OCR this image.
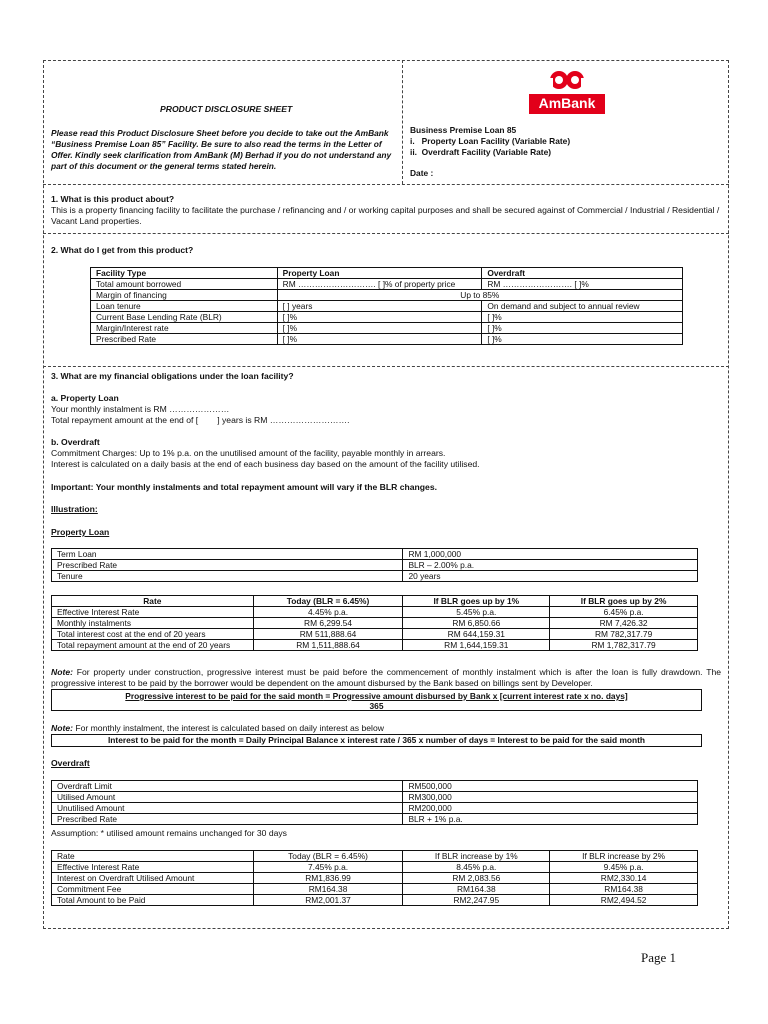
PRODUCT DISCLOSURE SHEET
Please read this Product Disclosure Sheet before you decide to take out the AmBank “Business Premise Loan 85” Facility. Be sure to also read the terms in the Letter of Offer. Kindly seek clarification from AmBank (M) Berhad if you do not understand any part of this document or the general terms stated herein.
AmBank
Business Premise Loan 85
i.   Property Loan Facility (Variable Rate)
ii.  Overdraft Facility (Variable Rate)
Date :
1. What is this product about?
This is a property financing facility to facilitate the purchase / refinancing and / or working capital purposes and shall be secured against of Commercial / Industrial / Residential / Vacant Land properties.
2. What do I get from this product?
Facility Type	Property Loan	Overdraft
Total amount borrowed	RM ………………………. [ ]% of property price	RM ……………………. [ ]%
Margin of financing	Up to 85%	
Loan tenure	[ ] years	On demand and subject to annual review
Current Base Lending Rate (BLR)	[ ]%	[ ]%
Margin/Interest rate	[ ]%	[ ]%
Prescribed Rate	[ ]%	[ ]%
3. What are my financial obligations under the loan facility?
a. Property Loan
Your monthly instalment is RM …………………
Total repayment amount at the end of [        ] years is RM ……………………….
b. Overdraft
Commitment Charges: Up to 1% p.a. on the unutilised amount of the facility, payable monthly in arrears.
Interest is calculated on a daily basis at the end of each business day based on the amount of the facility utilised.
Important: Your monthly instalments and total repayment amount will vary if the BLR changes.
Illustration:
Property Loan
Term Loan	RM 1,000,000
Prescribed Rate	BLR – 2.00% p.a.
Tenure	20 years
Rate	Today (BLR = 6.45%)	If BLR goes up by 1%	If BLR goes up by 2%
Effective Interest Rate	4.45% p.a.	5.45% p.a.	6.45% p.a.
Monthly instalments	RM 6,299.54	RM 6,850.66	RM 7,426.32
Total interest cost at the end of 20 years	RM 511,888.64	RM 644,159.31	RM 782,317.79
Total repayment amount at the end of 20 years	RM 1,511,888.64	RM 1,644,159.31	RM 1,782,317.79
Note: For property under construction, progressive interest must be paid before the commencement of monthly instalment which is after the loan is fully drawdown. The progressive interest to be paid by the borrower would be dependent on the amount disbursed by the Bank based on billings sent by Developer.
Progressive interest to be paid for the said month = Progressive amount disbursed by Bank x [current interest rate x no. days]
365
Note: For monthly instalment, the interest is calculated based on daily interest as below
Interest to be paid for the month = Daily Principal Balance x interest rate / 365 x number of days = Interest to be paid for the said month
Overdraft
Overdraft Limit	RM500,000
Utilised Amount	RM300,000
Unutilised Amount	RM200,000
Prescribed Rate	BLR + 1% p.a.
Assumption: * utilised amount remains unchanged for 30 days
Rate	Today (BLR = 6.45%)	If BLR increase by 1%	If BLR increase by 2%
Effective Interest Rate	7.45% p.a.	8.45% p.a.	9.45% p.a.
Interest on Overdraft Utilised Amount	RM1,836.99	RM 2,083.56	RM2,330.14
Commitment Fee	RM164.38	RM164.38	RM164.38
Total Amount to be Paid	RM2,001.37	RM2,247.95	RM2,494.52
Page 1
